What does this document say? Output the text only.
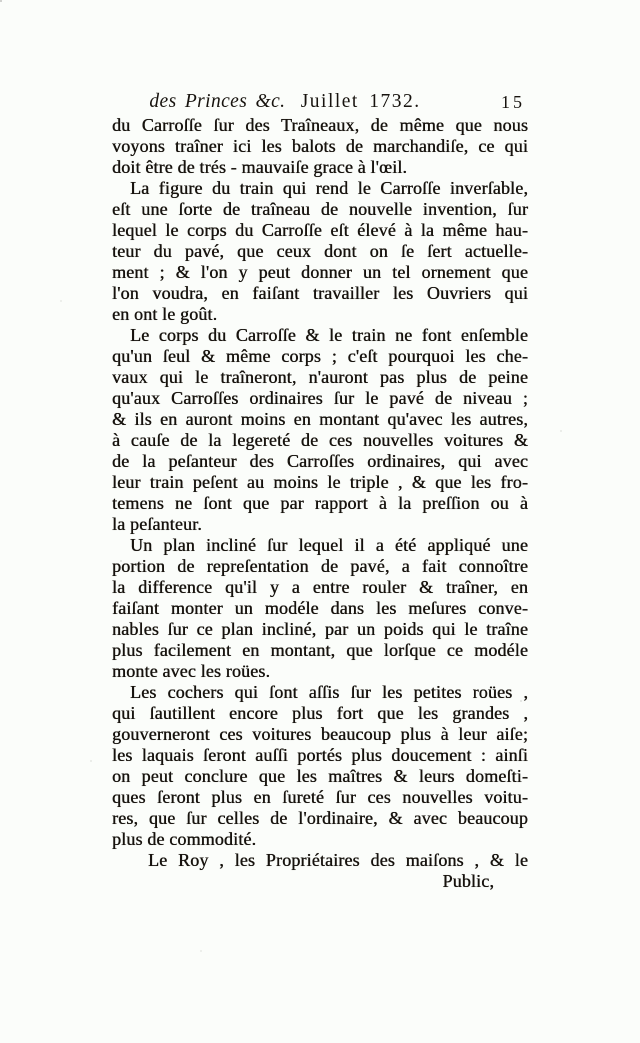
des Princes &c. Juillet 1732.	15
du Carroſſe ſur des Traîneaux, de même que nous
voyons traîner ici les balots de marchandiſe, ce qui
doit être de trés - mauvaiſe grace à l'œil.
La figure du train qui rend le Carroſſe inverſable,
eſt une ſorte de traîneau de nouvelle invention, ſur
lequel le corps du Carroſſe eſt élevé à la même hau-
teur du pavé, que ceux dont on ſe ſert actuelle-
ment ; & l'on y peut donner un tel ornement que
l'on voudra, en faiſant travailler les Ouvriers qui
en ont le goût.
Le corps du Carroſſe & le train ne font enſemble
qu'un ſeul & même corps ; c'eſt pourquoi les che-
vaux qui le traîneront, n'auront pas plus de peine
qu'aux Carroſſes ordinaires ſur le pavé de niveau ;
& ils en auront moins en montant qu'avec les autres,
à cauſe de la legereté de ces nouvelles voitures &
de la peſanteur des Carroſſes ordinaires, qui avec
leur train peſent au moins le triple , & que les fro-
temens ne ſont que par rapport à la preſſion ou à
la peſanteur.
Un plan incliné ſur lequel il a été appliqué une
portion de repreſentation de pavé, a fait connoître
la difference qu'il y a entre rouler & traîner, en
faiſant monter un modéle dans les meſures conve-
nables ſur ce plan incliné, par un poids qui le traîne
plus facilement en montant, que lorſque ce modéle
monte avec les roües.
Les cochers qui ſont aſſis ſur les petites roües ,
qui ſautillent encore plus fort que les grandes ,
gouverneront ces voitures beaucoup plus à leur aiſe;
les laquais ſeront auſſi portés plus doucement : ainſi
on peut conclure que les maîtres & leurs domeſti-
ques ſeront plus en ſureté ſur ces nouvelles voitu-
res, que ſur celles de l'ordinaire, & avec beaucoup
plus de commodité.
Le Roy , les Propriétaires des maiſons , & le
Public,
